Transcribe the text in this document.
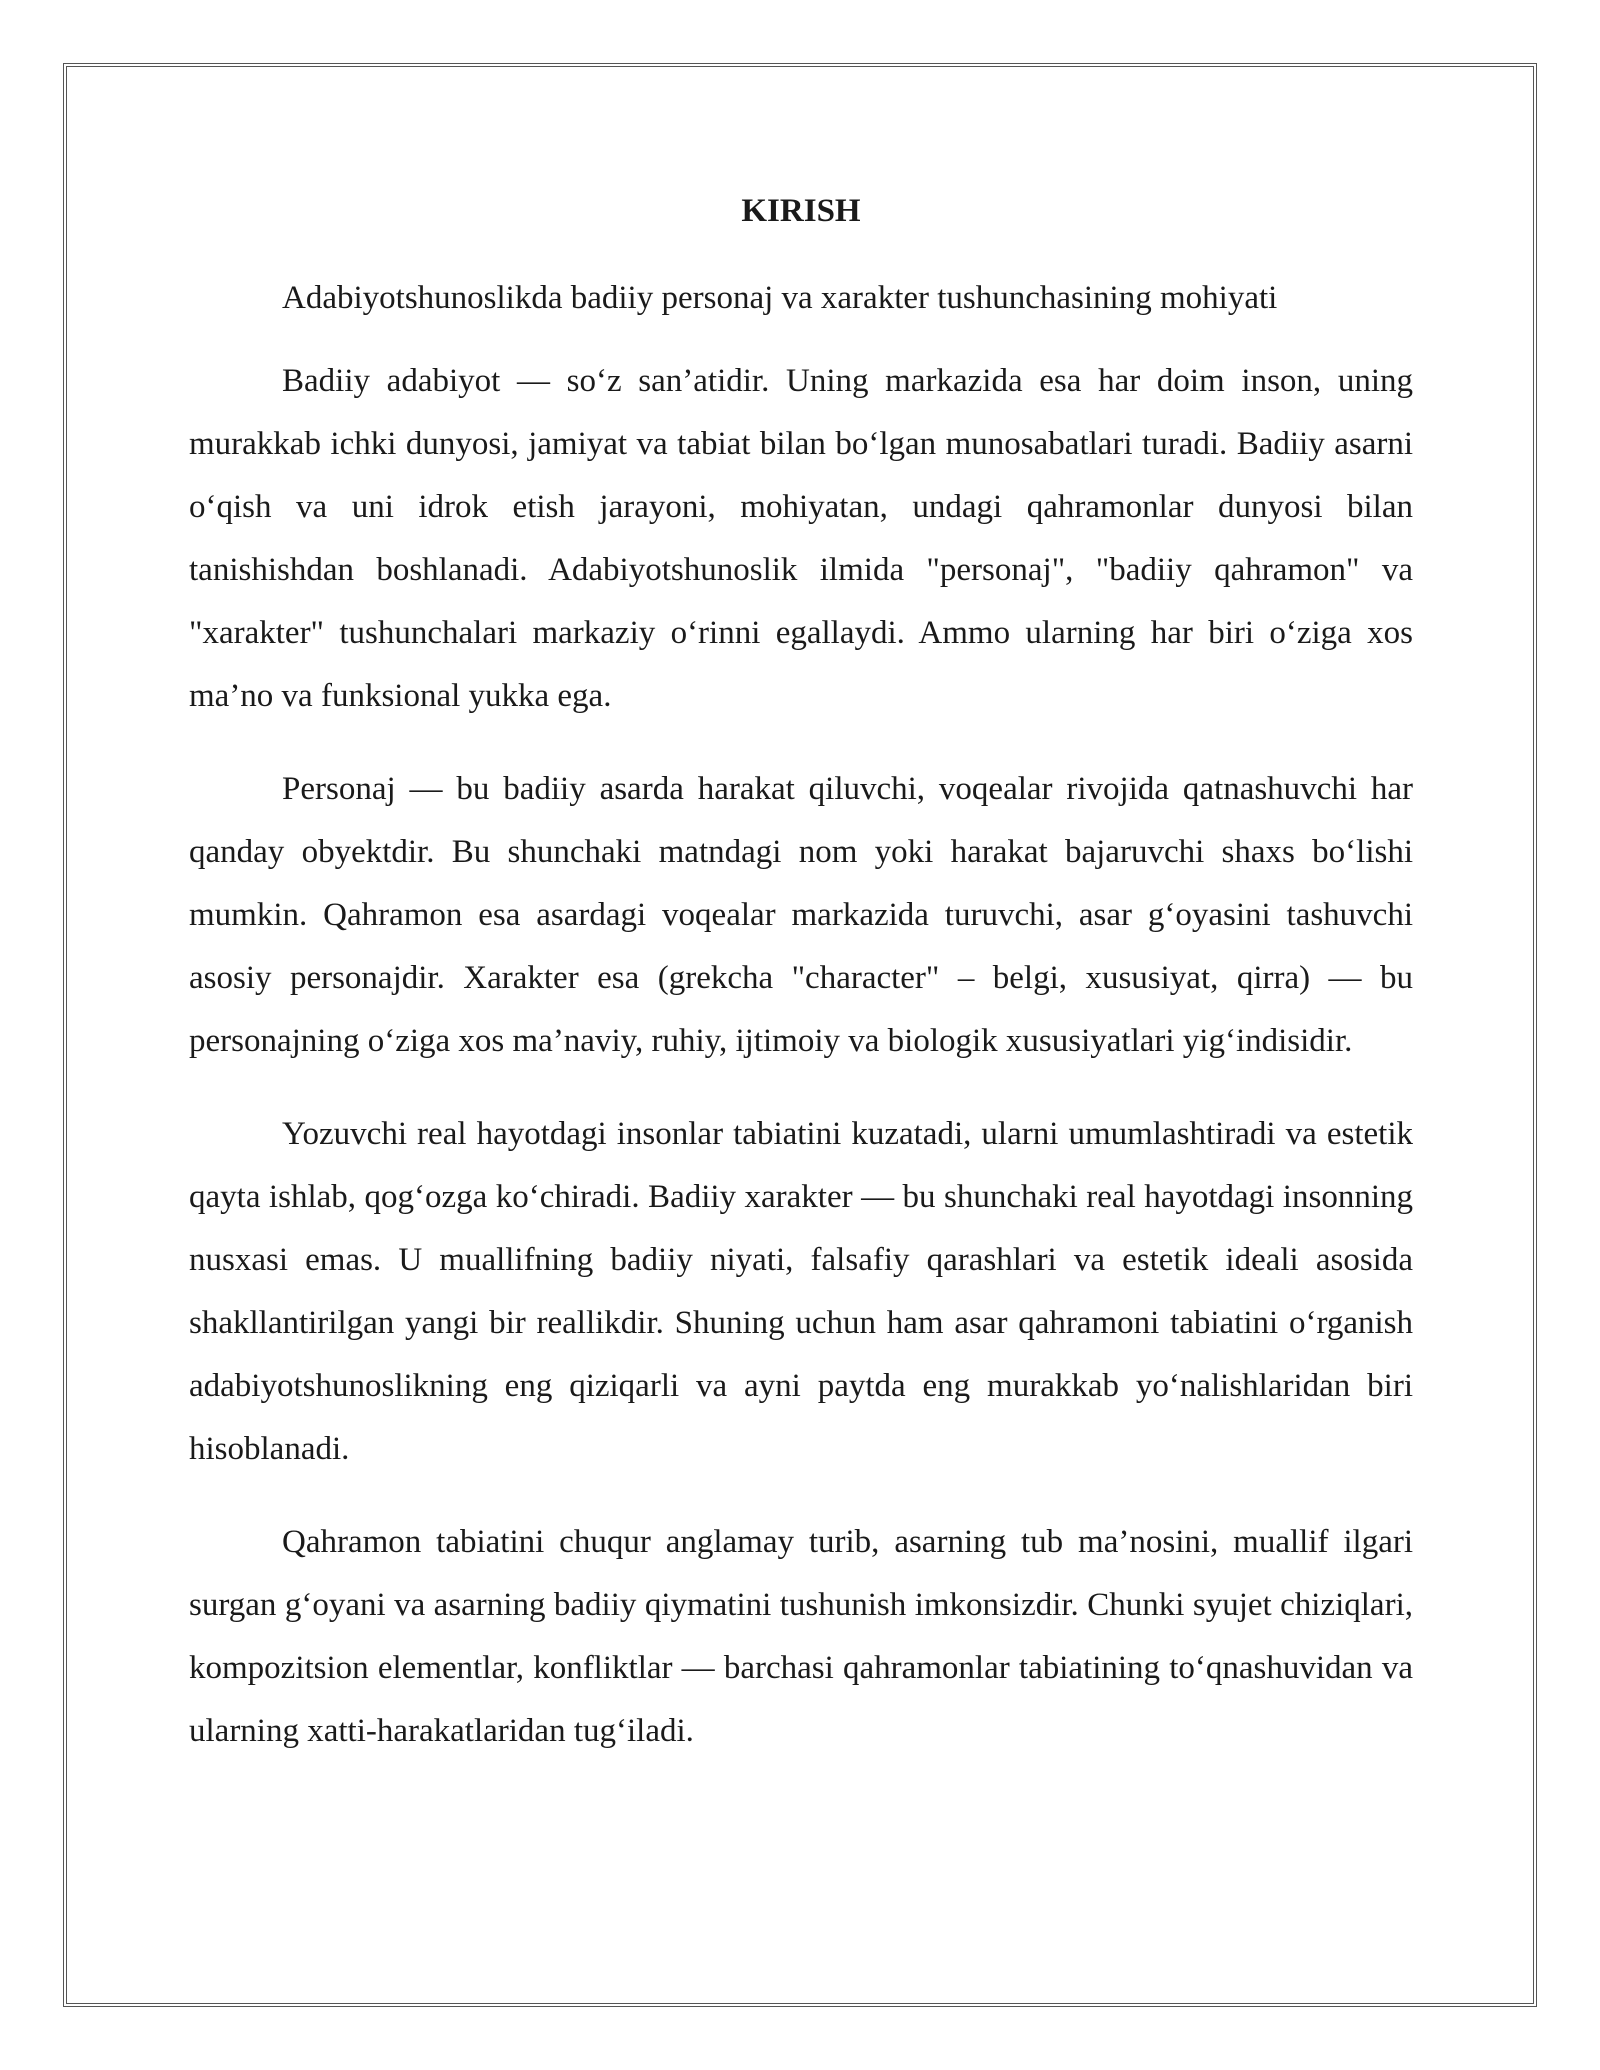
KIRISH
Adabiyotshunoslikda badiiy personaj va xarakter tushunchasining mohiyati

Badiiy adabiyot — so‘z san’atidir. Uning markazida esa har doim inson, uning murakkab ichki dunyosi, jamiyat va tabiat bilan bo‘lgan munosabatlari turadi. Badiiy asarni o‘qish va uni idrok etish jarayoni, mohiyatan, undagi qahramonlar dunyosi bilan tanishishdan boshlanadi. Adabiyotshunoslik ilmida "personaj", "badiiy qahramon" va "xarakter" tushunchalari markaziy o‘rinni egallaydi. Ammo ularning har biri o‘ziga xos ma’no va funksional yukka ega.

Personaj — bu badiiy asarda harakat qiluvchi, voqealar rivojida qatnashuvchi har qanday obyektdir. Bu shunchaki matndagi nom yoki harakat bajaruvchi shaxs bo‘lishi mumkin. Qahramon esa asardagi voqealar markazida turuvchi, asar g‘oyasini tashuvchi asosiy personajdir. Xarakter esa (grekcha "character" – belgi, xususiyat, qirra) — bu personajning o‘ziga xos ma’naviy, ruhiy, ijtimoiy va biologik xususiyatlari yig‘indisidir.

Yozuvchi real hayotdagi insonlar tabiatini kuzatadi, ularni umumlashtiradi va estetik qayta ishlab, qog‘ozga ko‘chiradi. Badiiy xarakter — bu shunchaki real hayotdagi insonning nusxasi emas. U muallifning badiiy niyati, falsafiy qarashlari va estetik ideali asosida shakllantirilgan yangi bir reallikdir. Shuning uchun ham asar qahramoni tabiatini o‘rganish adabiyotshunoslikning eng qiziqarli va ayni paytda eng murakkab yo‘nalishlaridan biri hisoblanadi.

Qahramon tabiatini chuqur anglamay turib, asarning tub ma’nosini, muallif ilgari surgan g‘oyani va asarning badiiy qiymatini tushunish imkonsizdir. Chunki syujet chiziqlari, kompozitsion elementlar, konfliktlar — barchasi qahramonlar tabiatining to‘qnashuvidan va ularning xatti-harakatlaridan tug‘iladi.
